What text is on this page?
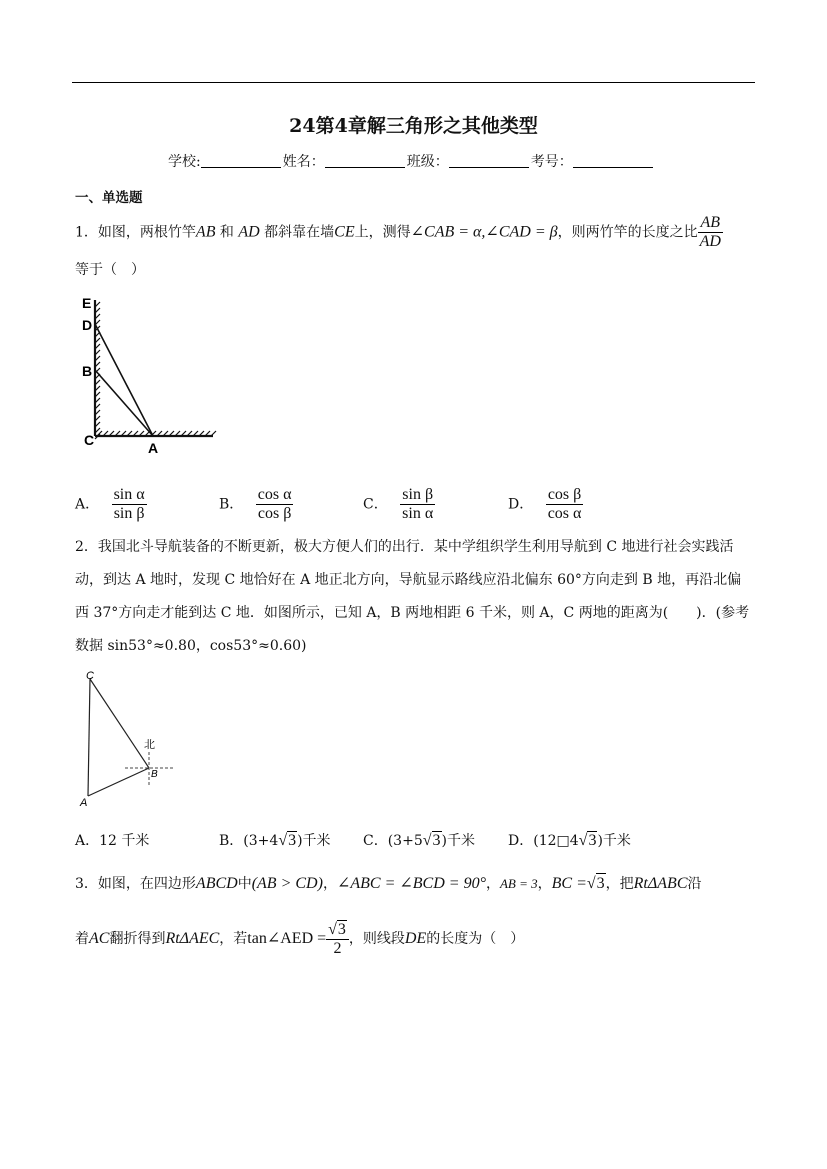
24第4章解三角形之其他类型
学校:	姓名：	班级：	考号：
一、单选题
1．如图，两根竹竿AB 和 AD 都斜靠在墙CE上，测得∠CAB = α,∠CAD = β，则两竹竿的长度之比 $\frac{AB}{AD}$
等于（　）
E
D
B
C	A
A． $\frac{\text{sin α}}{\text{sin β}}$	B． $\frac{\text{cos α}}{\text{cos β}}$	C． $\frac{\text{sin β}}{\text{sin α}}$	D． $\frac{\text{cos β}}{\text{cos α}}$
2．我国北斗导航装备的不断更新，极大方便人们的出行．某中学组织学生利用导航到 C 地进行社会实践活
动，到达 A 地时，发现 C 地恰好在 A 地正北方向，导航显示路线应沿北偏东 60°方向走到 B 地，再沿北偏
西 37°方向走才能到达 C 地．如图所示，已知 A，B 两地相距 6 千米，则 A，C 两地的距离为(　　)．(参考
数据 sin53°≈0.80，cos53°≈0.60)
C
北
B
A
A．12 千米	B．(3+4√3)千米 C．(3+5√3)千米 D．(12□4√3)千米
3．如图，在四边形ABCD中(AB > CD)，∠ABC = ∠BCD = 90°，AB = 3，BC =√3，把RtΔABC沿
着AC翻折得到RtΔAEC，若tan∠AED = $\frac{√3}{2}$ ，则线段DE的长度为（　）
